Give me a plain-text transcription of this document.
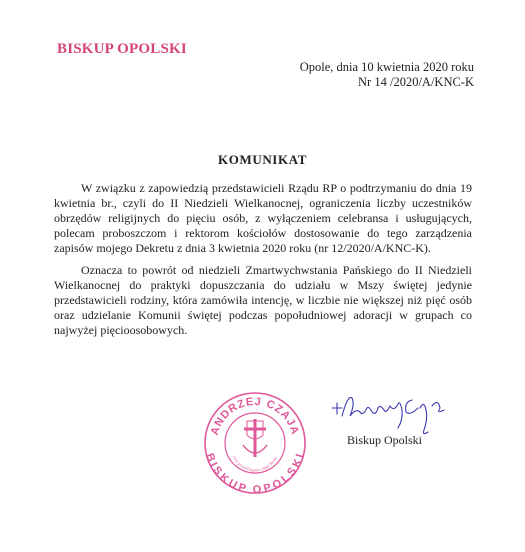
BISKUP OPOLSKI
Opole, dnia 10 kwietnia 2020 roku
Nr 14 /2020/A/KNC-K
KOMUNIKAT

W związku z zapowiedzią przedstawicieli Rządu RP o podtrzymaniu do dnia 19 kwietnia br., czyli do II Niedzieli Wielkanocnej, ograniczenia liczby uczestników obrzędów religijnych do pięciu osób, z wyłączeniem celebransa i usługujących, polecam proboszczom i rektorom kościołów dostosowanie do tego zarządzenia zapisów mojego Dekretu z dnia 3 kwietnia 2020 roku (nr 12/2020/A/KNC-K).

Oznacza to powrót od niedzieli Zmartwychwstania Pańskiego do II Niedzieli Wielkanocnej do praktyki dopuszczania do udziału w Mszy świętej jedynie przedstawicieli rodziny, która zamówiła intencję, w liczbie nie większej niż pięć osób oraz udzielanie Komunii świętej podczas popołudniowej adoracji w grupach co najwyżej pięcioosobowych.

ANDRZEJ CZAJA
BISKUP OPOLSKI
rwać przed Bogiem i Jego Słowe
Biskup Opolski
